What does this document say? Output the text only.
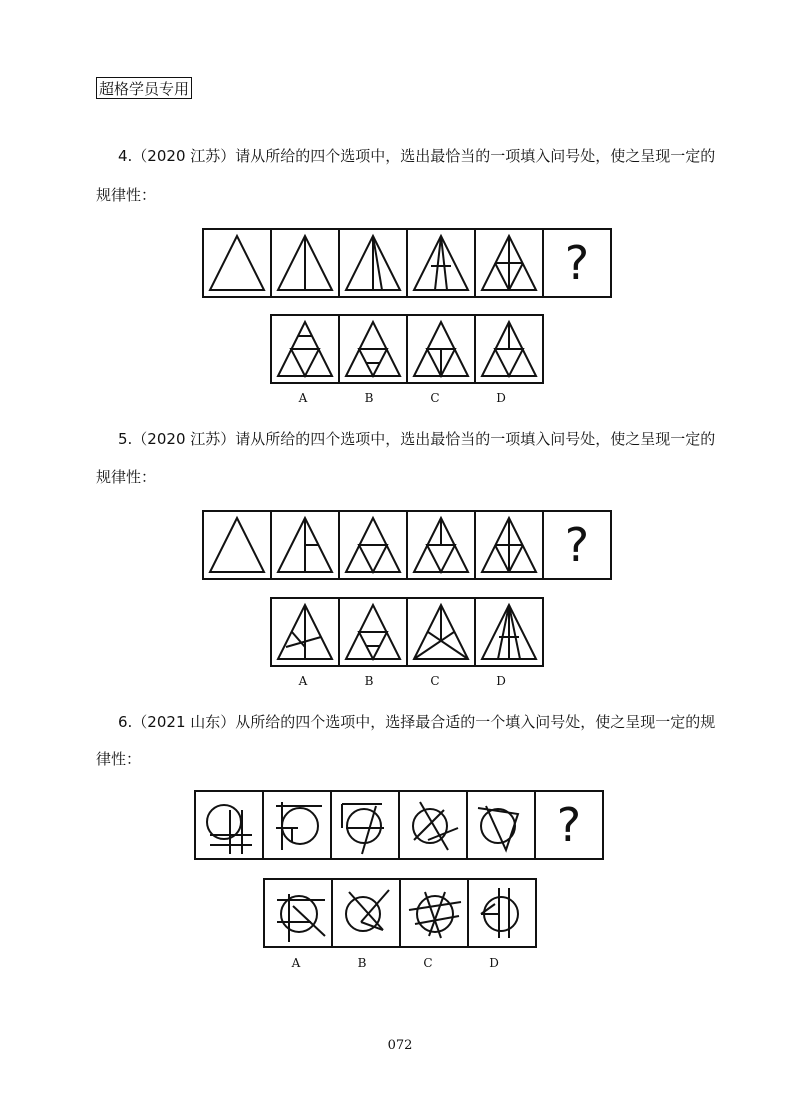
超格学员专用
4.（2020 江苏）请从所给的四个选项中，选出最恰当的一项填入问号处，使之呈现一定的
规律性：
?
A	B	C	D
5.（2020 江苏）请从所给的四个选项中，选出最恰当的一项填入问号处，使之呈现一定的
规律性：
?
A	B	C	D
6.（2021 山东）从所给的四个选项中，选择最合适的一个填入问号处，使之呈现一定的规
律性：
?
A	B	C	D
072
